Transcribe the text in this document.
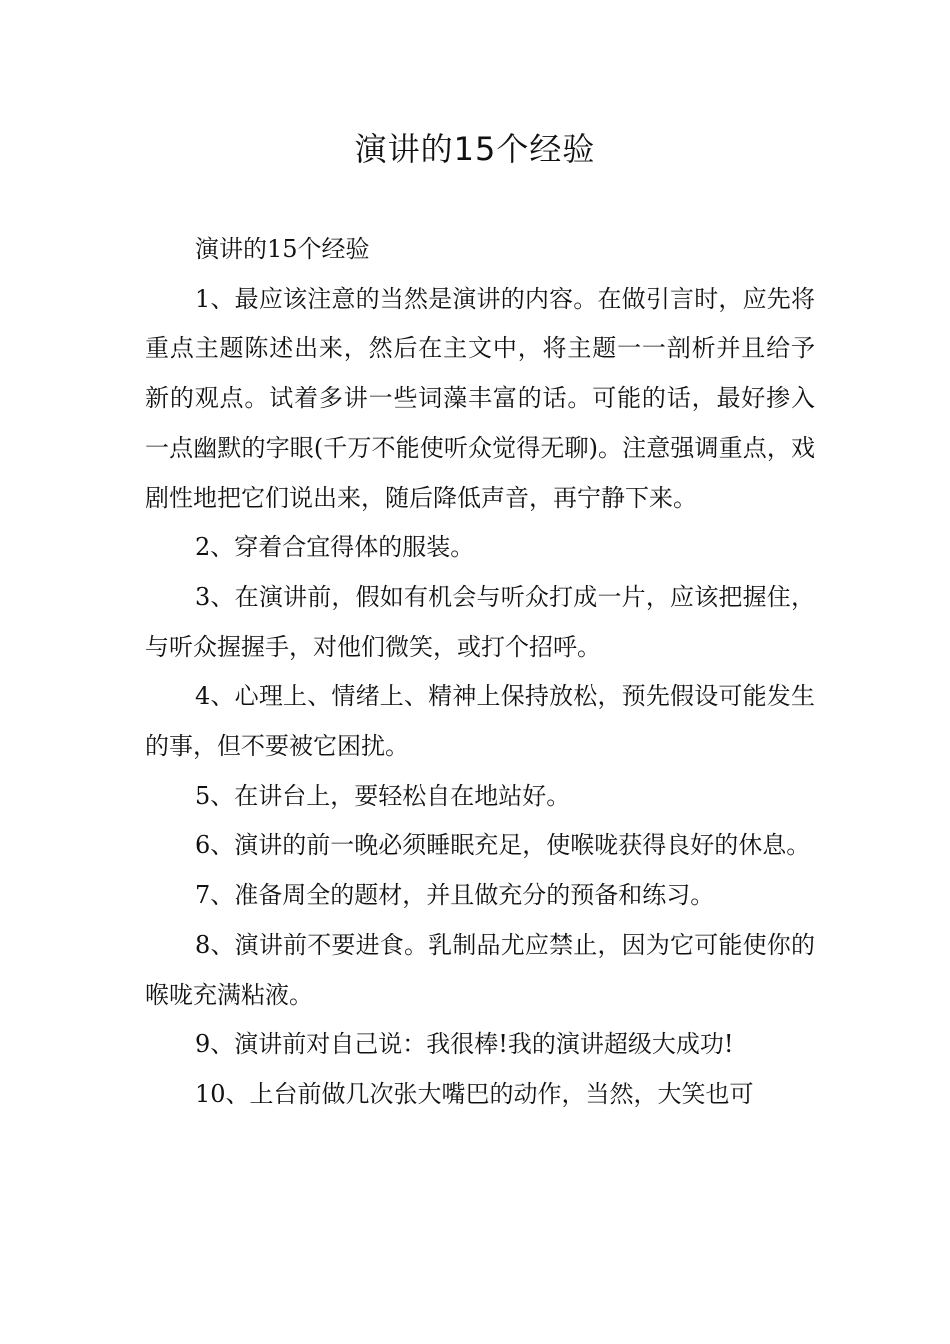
演讲的15个经验

演讲的15个经验

1、最应该注意的当然是演讲的内容。在做引言时，应先将重点主题陈述出来，然后在主文中，将主题一一剖析并且给予新的观点。试着多讲一些词藻丰富的话。可能的话，最好掺入一点幽默的字眼(千万不能使听众觉得无聊)。注意强调重点，戏剧性地把它们说出来，随后降低声音，再宁静下来。

2、穿着合宜得体的服装。

3、在演讲前，假如有机会与听众打成一片，应该把握住，与听众握握手，对他们微笑，或打个招呼。

4、心理上、情绪上、精神上保持放松，预先假设可能发生的事，但不要被它困扰。

5、在讲台上，要轻松自在地站好。

6、演讲的前一晚必须睡眠充足，使喉咙获得良好的休息。

7、准备周全的题材，并且做充分的预备和练习。

8、演讲前不要进食。乳制品尤应禁止，因为它可能使你的喉咙充满粘液。

9、演讲前对自己说：我很棒!我的演讲超级大成功!

10、上台前做几次张大嘴巴的动作，当然，大笑也可
